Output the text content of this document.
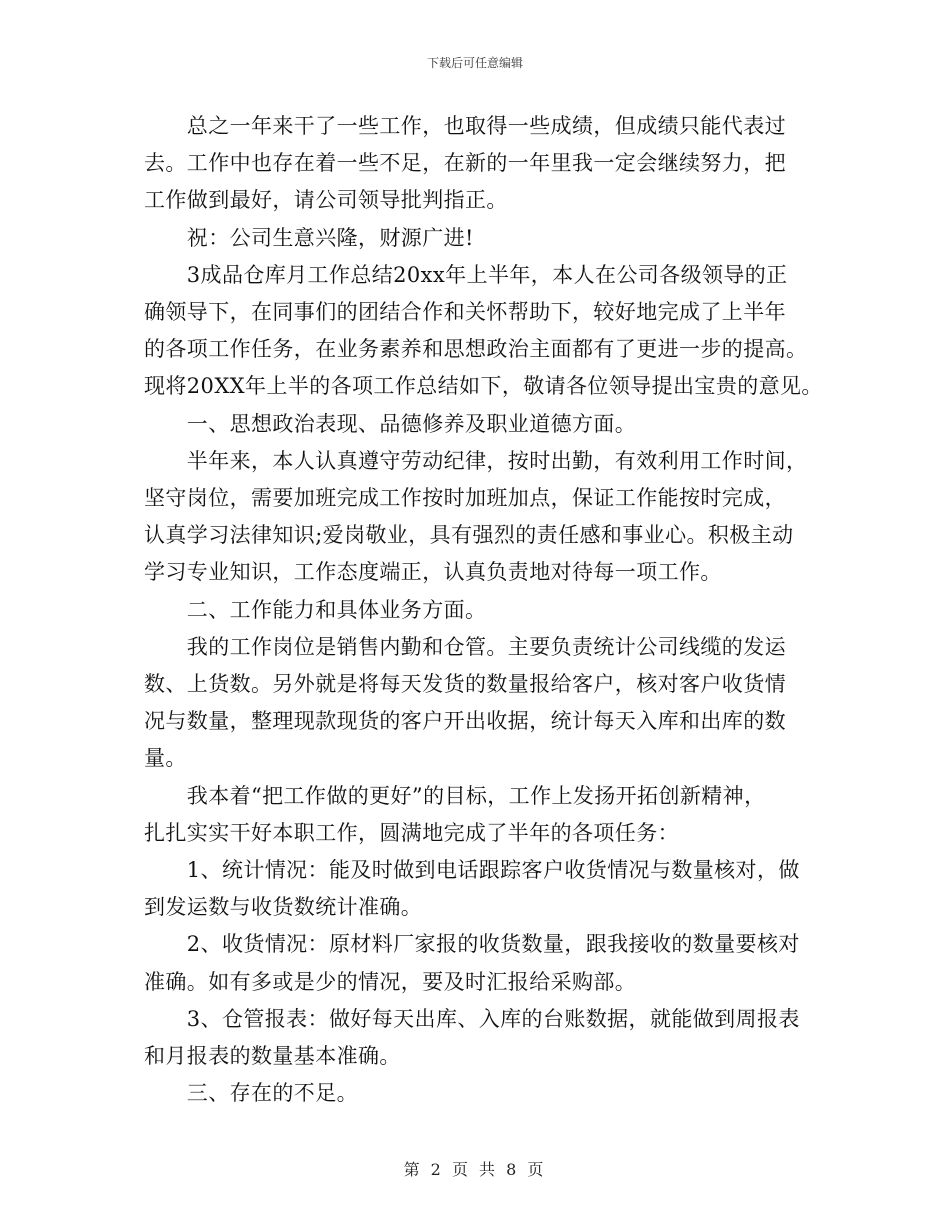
下载后可任意编辑

　　总之一年来干了一些工作，也取得一些成绩，但成绩只能代表过

去。工作中也存在着一些不足，在新的一年里我一定会继续努力，把

工作做到最好，请公司领导批判指正。

　　祝：公司生意兴隆，财源广进!

　　3成品仓库月工作总结20xx年上半年，本人在公司各级领导的正

确领导下，在同事们的团结合作和关怀帮助下，较好地完成了上半年

的各项工作任务，在业务素养和思想政治主面都有了更进一步的提高。

现将20XX年上半的各项工作总结如下，敬请各位领导提出宝贵的意见。

　　一、思想政治表现、品德修养及职业道德方面。

　　半年来，本人认真遵守劳动纪律，按时出勤，有效利用工作时间，

坚守岗位，需要加班完成工作按时加班加点，保证工作能按时完成，

认真学习法律知识;爱岗敬业，具有强烈的责任感和事业心。积极主动

学习专业知识，工作态度端正，认真负责地对待每一项工作。

　　二、工作能力和具体业务方面。

　　我的工作岗位是销售内勤和仓管。主要负责统计公司线缆的发运

数、上货数。另外就是将每天发货的数量报给客户，核对客户收货情

况与数量，整理现款现货的客户开出收据，统计每天入库和出库的数

量。

　　我本着“把工作做的更好”的目标，工作上发扬开拓创新精神，

扎扎实实干好本职工作，圆满地完成了半年的各项任务：

　　1、统计情况：能及时做到电话跟踪客户收货情况与数量核对，做

到发运数与收货数统计准确。

　　2、收货情况：原材料厂家报的收货数量，跟我接收的数量要核对

准确。如有多或是少的情况，要及时汇报给采购部。

　　3、仓管报表：做好每天出库、入库的台账数据，就能做到周报表

和月报表的数量基本准确。

　　三、存在的不足。

第 2 页 共 8 页
